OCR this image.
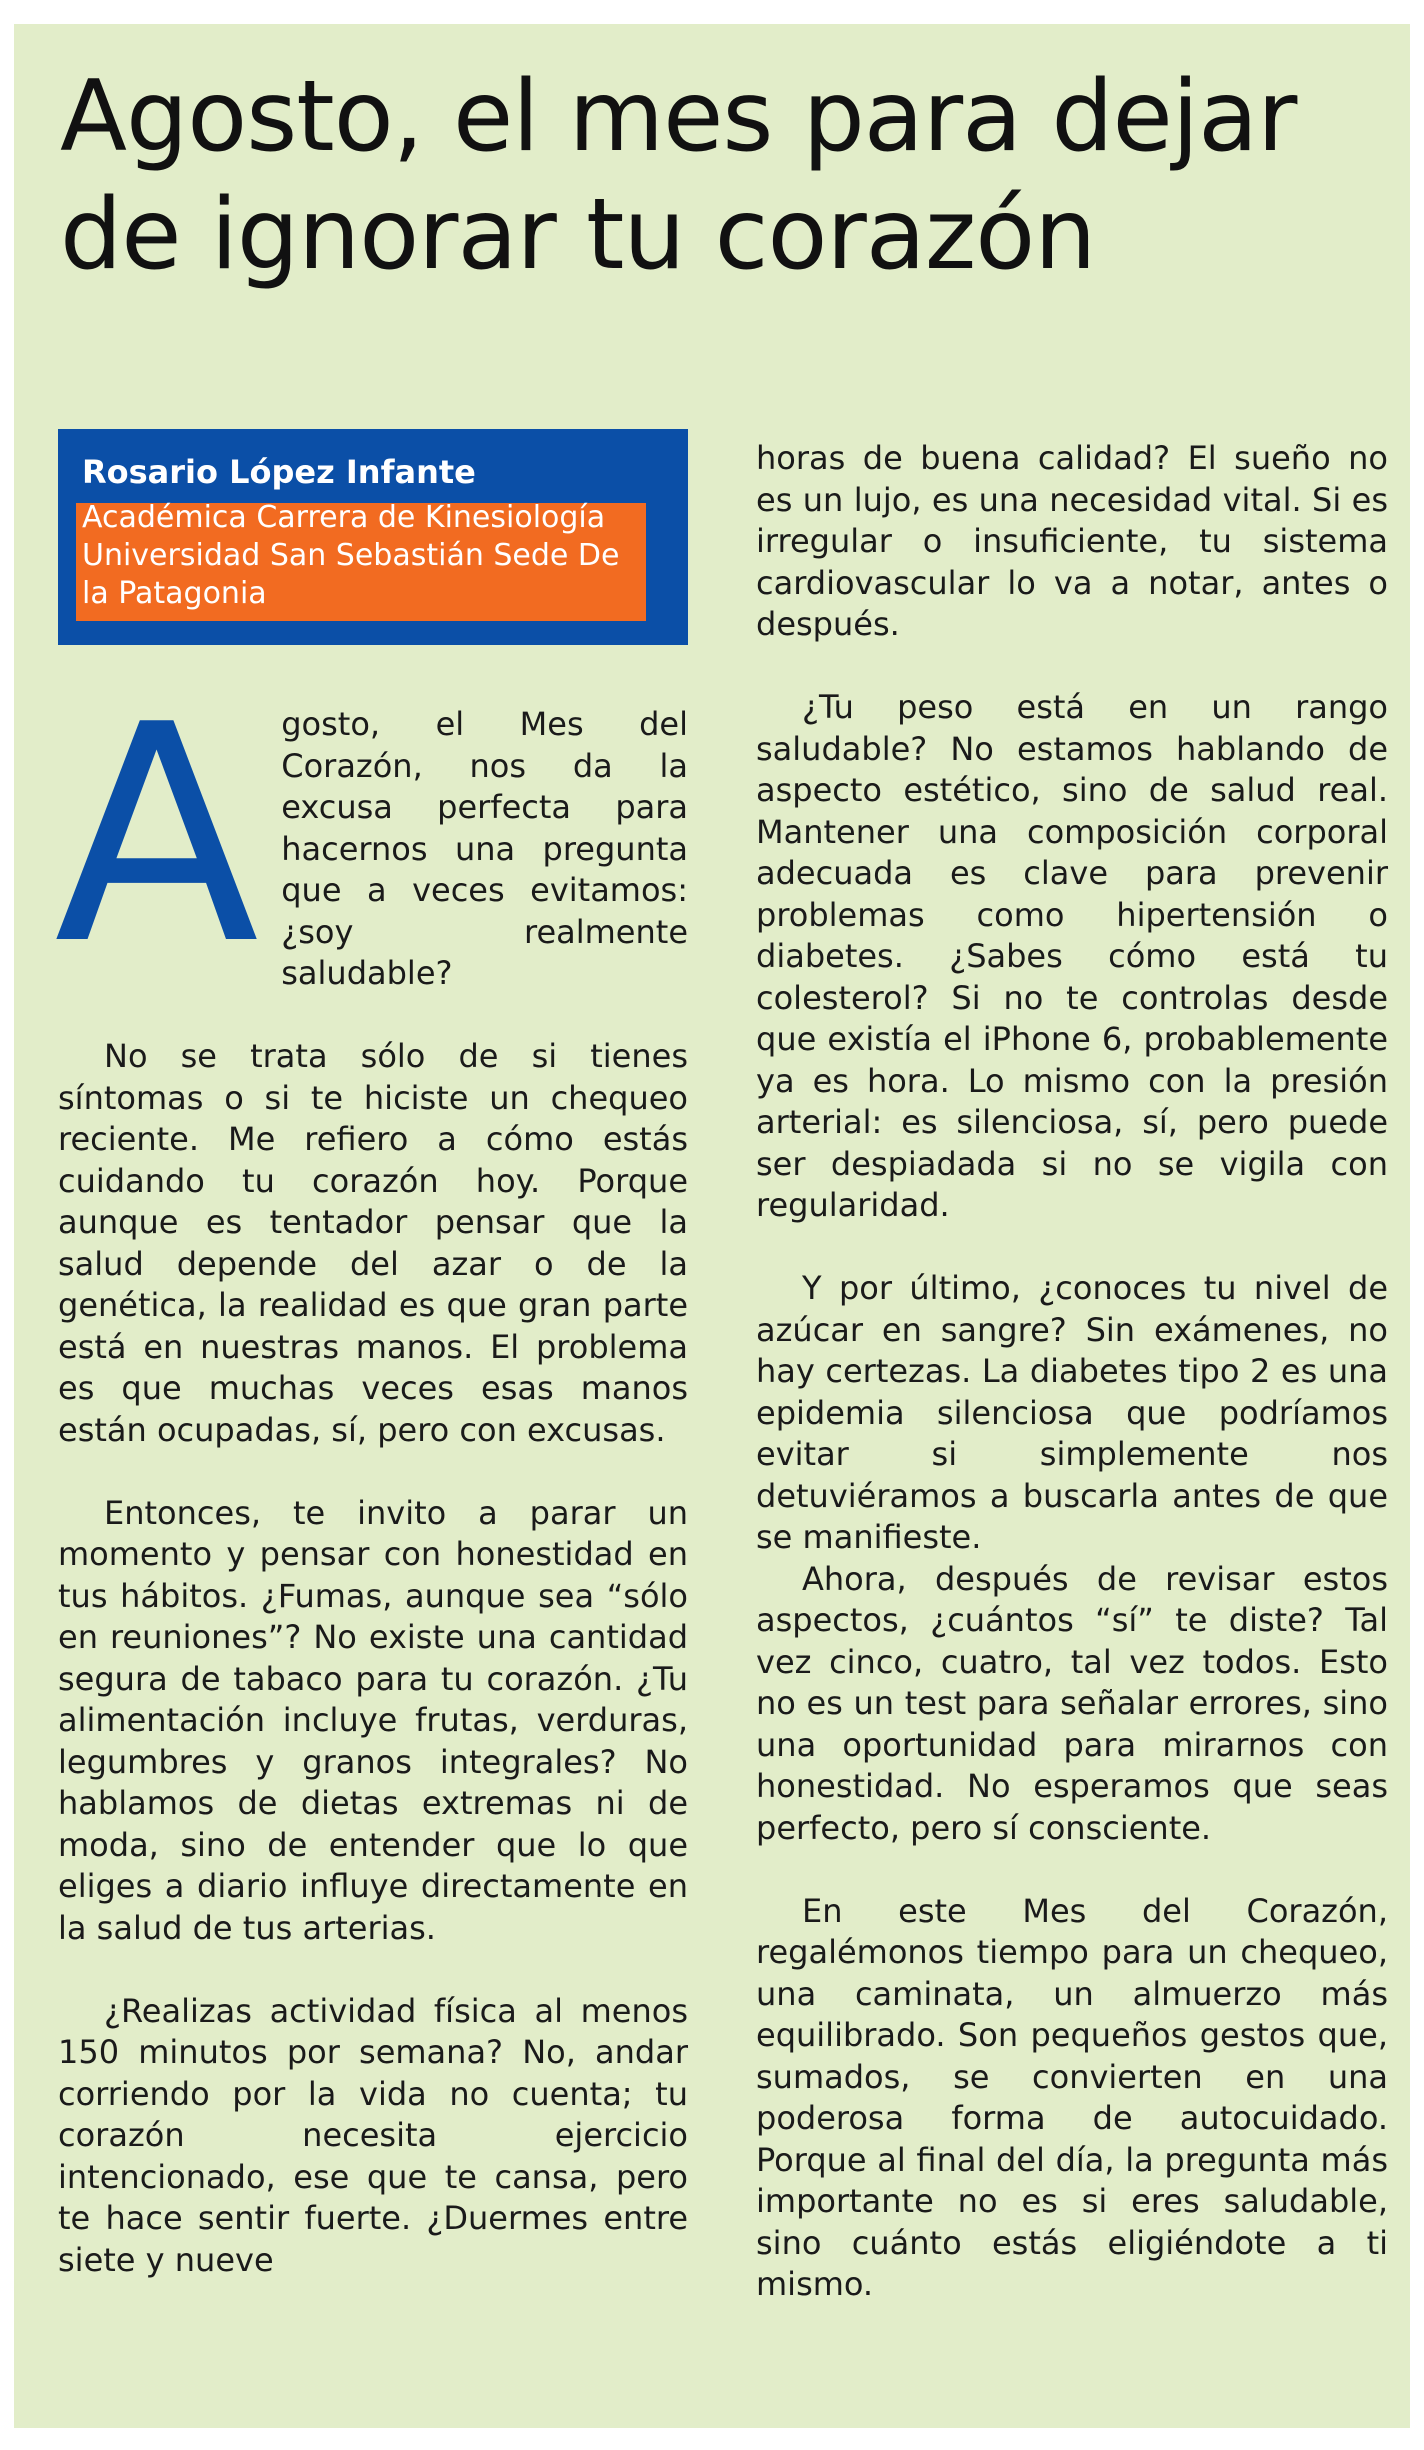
Agosto, el mes para dejar de ignorar tu corazón
Rosario López Infante
Académica Carrera de Kinesiología Universidad San Sebastián Sede De la Patagonia

Agosto, el Mes del Corazón, nos da la excusa perfecta para hacernos una pregunta que a veces evitamos: ¿soy realmente saludable?

No se trata sólo de si tienes síntomas o si te hiciste un chequeo reciente. Me refiero a cómo estás cuidando tu corazón hoy. Porque aunque es tentador pensar que la salud depende del azar o de la genética, la realidad es que gran parte está en nuestras manos. El problema es que muchas veces esas manos están ocupadas, sí, pero con excusas.

Entonces, te invito a parar un momento y pensar con honestidad en tus hábitos. ¿Fumas, aunque sea “sólo en reuniones”? No existe una cantidad segura de tabaco para tu corazón. ¿Tu alimentación incluye frutas, verduras, legumbres y granos integrales? No hablamos de dietas extremas ni de moda, sino de entender que lo que eliges a diario influye directamente en la salud de tus arterias.

¿Realizas actividad física al menos 150 minutos por semana? No, andar corriendo por la vida no cuenta; tu corazón necesita ejercicio intencionado, ese que te cansa, pero te hace sentir fuerte. ¿Duermes entre siete y nueve

horas de buena calidad? El sueño no es un lujo, es una necesidad vital. Si es irregular o insuficiente, tu sistema cardiovascular lo va a notar, antes o después.

¿Tu peso está en un rango saludable? No estamos hablando de aspecto estético, sino de salud real. Mantener una composición corporal adecuada es clave para prevenir problemas como hipertensión o diabetes. ¿Sabes cómo está tu colesterol? Si no te controlas desde que existía el iPhone 6, probablemente ya es hora. Lo mismo con la presión arterial: es silenciosa, sí, pero puede ser despiadada si no se vigila con regularidad.

Y por último, ¿conoces tu nivel de azúcar en sangre? Sin exámenes, no hay certezas. La diabetes tipo 2 es una epidemia silenciosa que podríamos evitar si simplemente nos detuviéramos a buscarla antes de que se manifieste.

Ahora, después de revisar estos aspectos, ¿cuántos “sí” te diste? Tal vez cinco, cuatro, tal vez todos. Esto no es un test para señalar errores, sino una oportunidad para mirarnos con honestidad. No esperamos que seas perfecto, pero sí consciente.

En este Mes del Corazón, regalémonos tiempo para un chequeo, una caminata, un almuerzo más equilibrado. Son pequeños gestos que, sumados, se convierten en una poderosa forma de autocuidado. Porque al final del día, la pregunta más importante no es si eres saludable, sino cuánto estás eligiéndote a ti mismo.
